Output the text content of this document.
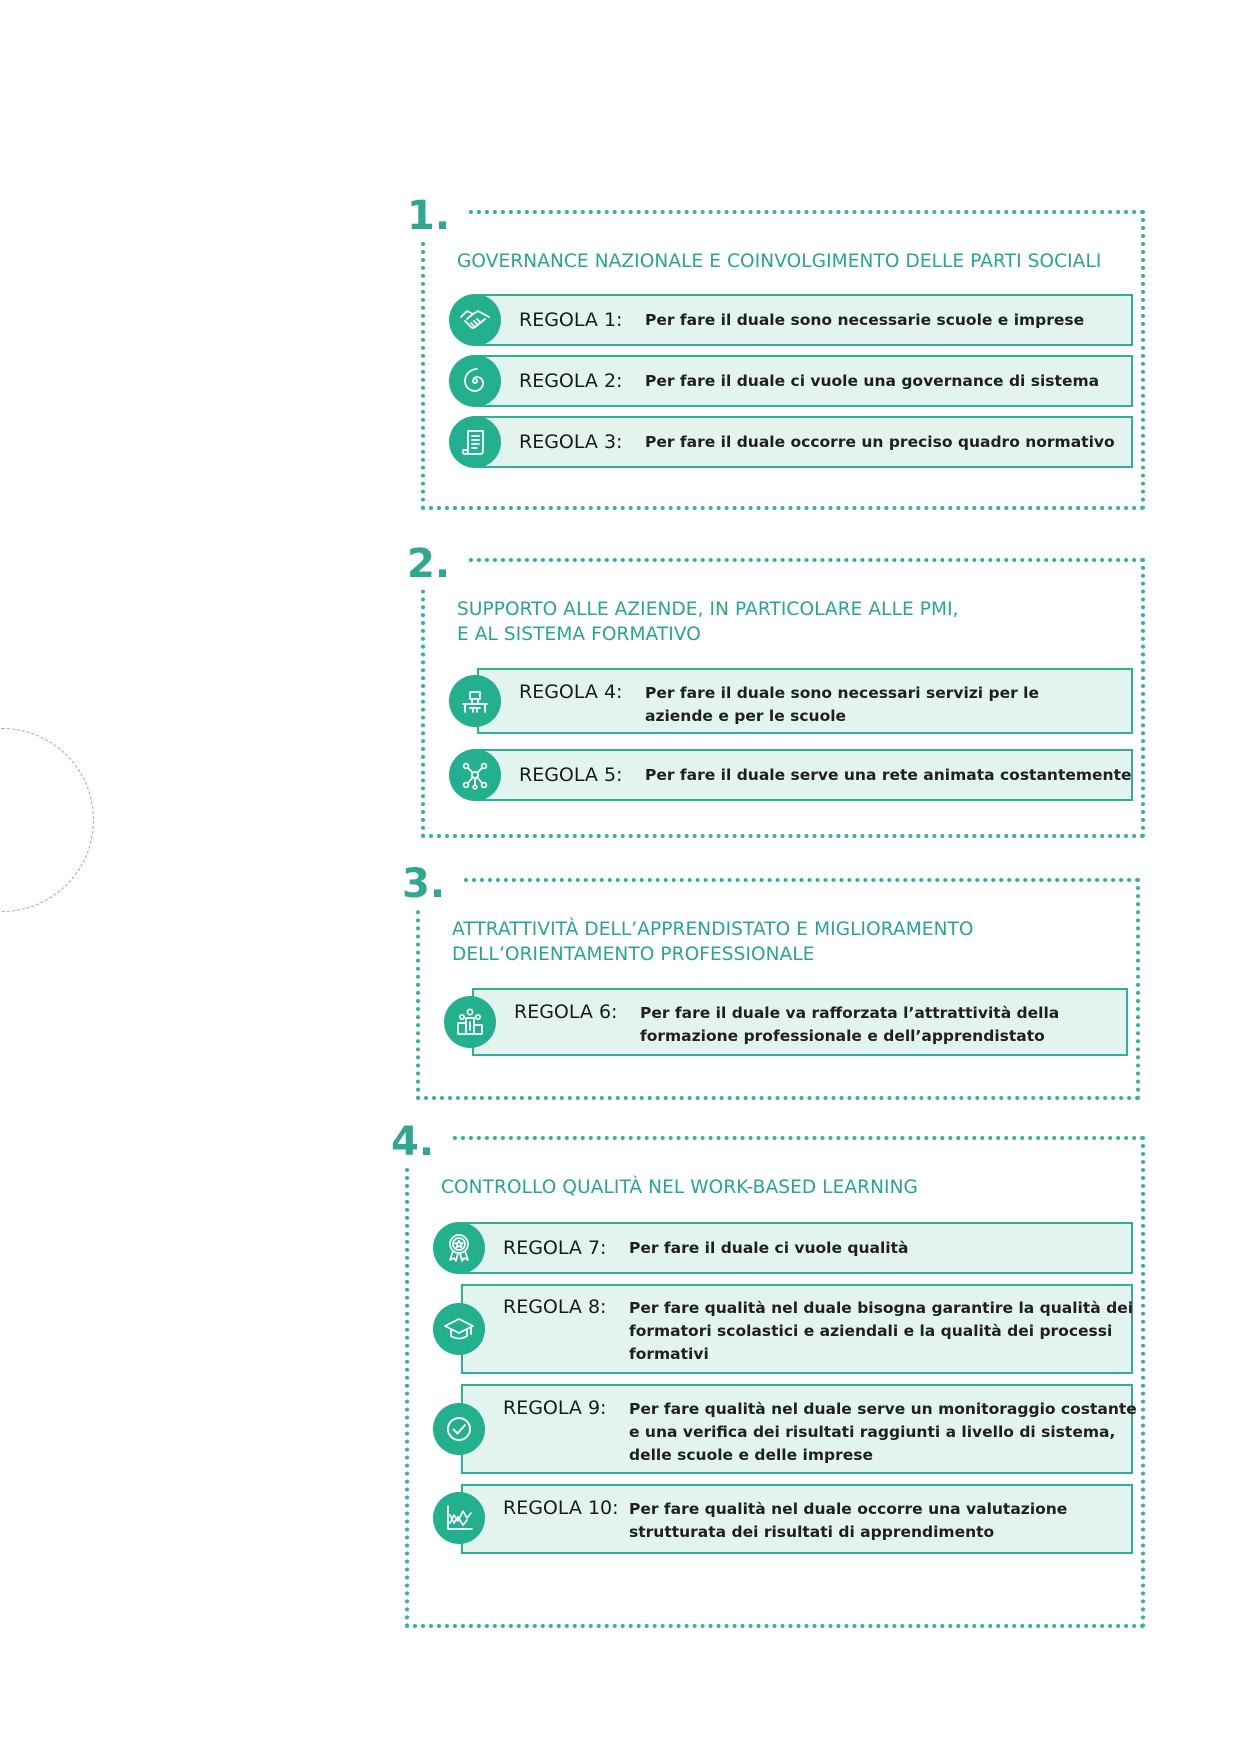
1.
GOVERNANCE NAZIONALE E COINVOLGIMENTO DELLE PARTI SOCIALI
REGOLA 1: Per fare il duale sono necessarie scuole e imprese
REGOLA 2: Per fare il duale ci vuole una governance di sistema
REGOLA 3: Per fare il duale occorre un preciso quadro normativo
2.
SUPPORTO ALLE AZIENDE, IN PARTICOLARE ALLE PMI,
E AL SISTEMA FORMATIVO
REGOLA 4: Per fare il duale sono necessari servizi per le
aziende e per le scuole
REGOLA 5: Per fare il duale serve una rete animata costantemente
3.
ATTRATTIVITÀ DELL’APPRENDISTATO E MIGLIORAMENTO
DELL’ORIENTAMENTO PROFESSIONALE
REGOLA 6: Per fare il duale va rafforzata l’attrattività della
formazione professionale e dell’apprendistato
4.
CONTROLLO QUALITÀ NEL WORK-BASED LEARNING
REGOLA 7: Per fare il duale ci vuole qualità
REGOLA 8: Per fare qualità nel duale bisogna garantire la qualità dei
formatori scolastici e aziendali e la qualità dei processi
formativi
REGOLA 9: Per fare qualità nel duale serve un monitoraggio costante
e una verifica dei risultati raggiunti a livello di sistema,
delle scuole e delle imprese
REGOLA 10: Per fare qualità nel duale occorre una valutazione
strutturata dei risultati di apprendimento
